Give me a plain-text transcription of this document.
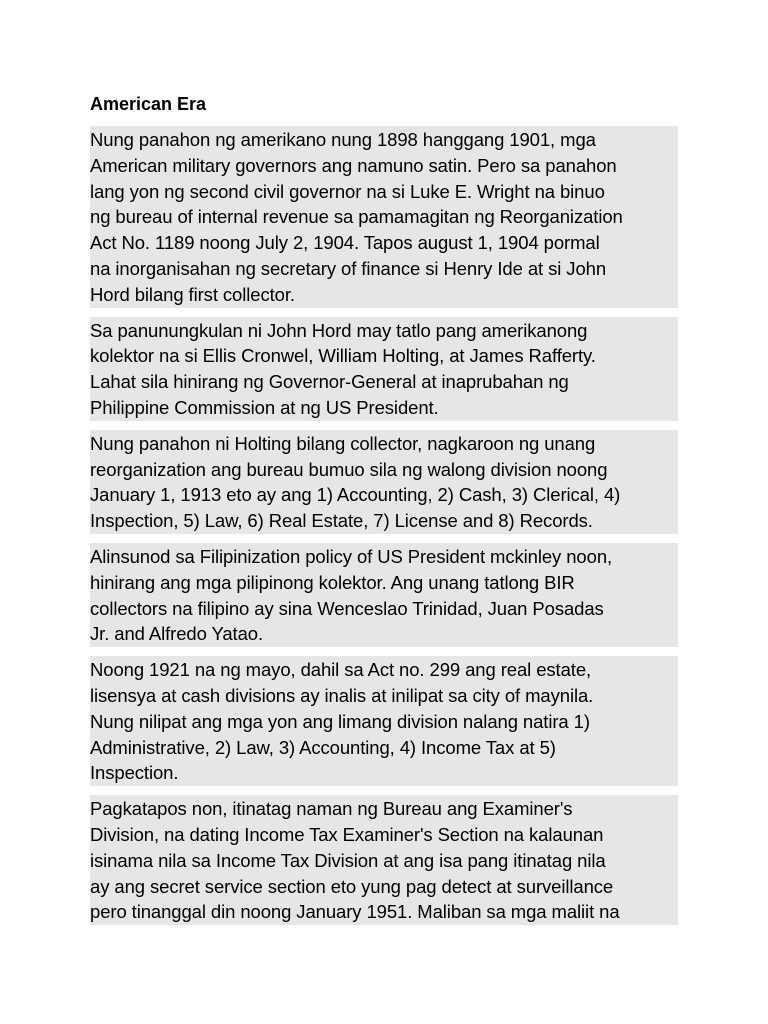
American Era
Nung panahon ng amerikano nung 1898 hanggang 1901, mga
American military governors ang namuno satin. Pero sa panahon
lang yon ng second civil governor na si Luke E. Wright na binuo
ng bureau of internal revenue sa pamamagitan ng Reorganization
Act No. 1189 noong July 2, 1904. Tapos august 1, 1904 pormal
na inorganisahan ng secretary of finance si Henry Ide at si John
Hord bilang first collector.
Sa panunungkulan ni John Hord may tatlo pang amerikanong
kolektor na si Ellis Cronwel, William Holting, at James Rafferty.
Lahat sila hinirang ng Governor-General at inaprubahan ng
Philippine Commission at ng US President.
Nung panahon ni Holting bilang collector, nagkaroon ng unang
reorganization ang bureau bumuo sila ng walong division noong
January 1, 1913 eto ay ang 1) Accounting, 2) Cash, 3) Clerical, 4)
Inspection, 5) Law, 6) Real Estate, 7) License and 8) Records.
Alinsunod sa Filipinization policy of US President mckinley noon,
hinirang ang mga pilipinong kolektor. Ang unang tatlong BIR
collectors na filipino ay sina Wenceslao Trinidad, Juan Posadas
Jr. and Alfredo Yatao.
Noong 1921 na ng mayo, dahil sa Act no. 299 ang real estate,
lisensya at cash divisions ay inalis at inilipat sa city of maynila.
Nung nilipat ang mga yon ang limang division nalang natira 1)
Administrative, 2) Law, 3) Accounting, 4) Income Tax at 5)
Inspection.
Pagkatapos non, itinatag naman ng Bureau ang Examiner's
Division, na dating Income Tax Examiner's Section na kalaunan
isinama nila sa Income Tax Division at ang isa pang itinatag nila
ay ang secret service section eto yung pag detect at surveillance
pero tinanggal din noong January 1951. Maliban sa mga maliit na
